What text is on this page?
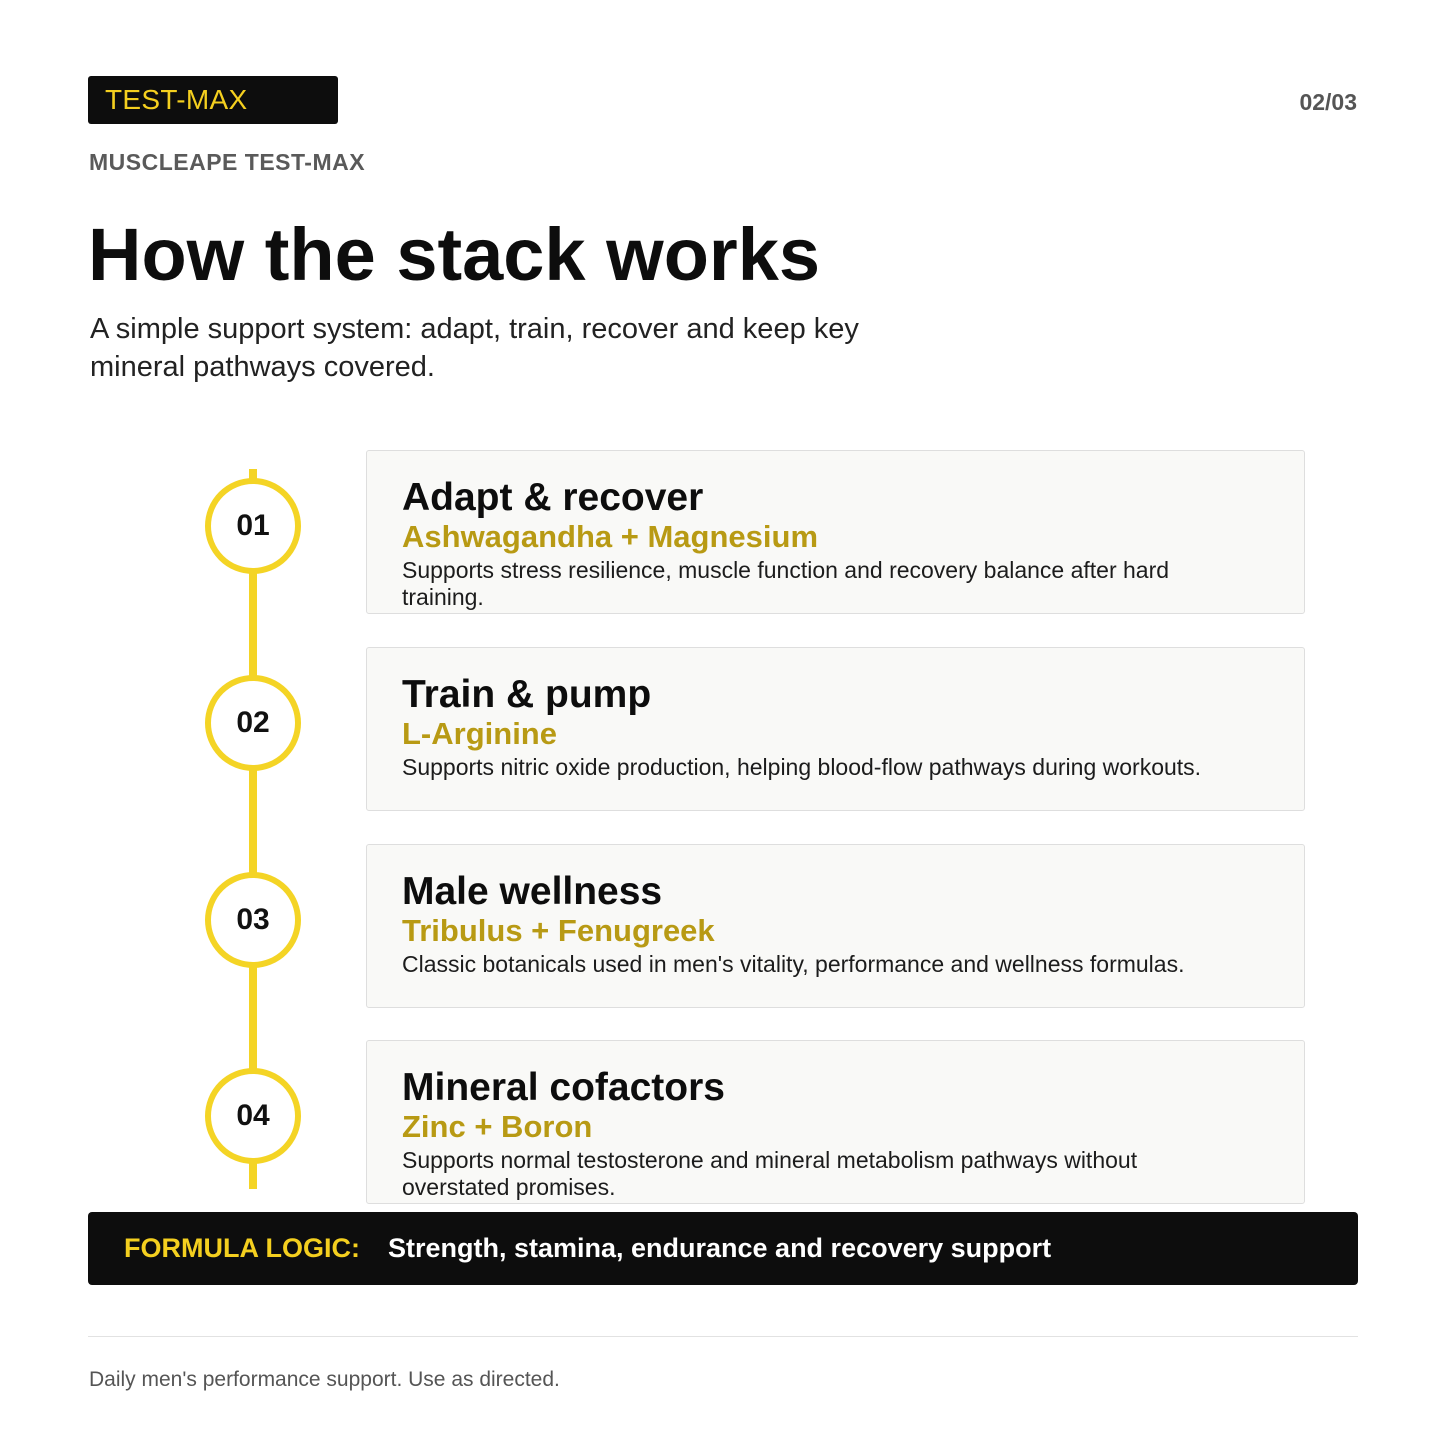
TEST-MAX	02/03
MUSCLEAPE TEST-MAX
How the stack works

A simple support system: adapt, train, recover and keep key mineral pathways covered.

01
Adapt & recover
Ashwagandha + Magnesium

Supports stress resilience, muscle function and recovery balance after hard training.

02
Train & pump
L-Arginine

Supports nitric oxide production, helping blood-flow pathways during workouts.

03
Male wellness
Tribulus + Fenugreek

Classic botanicals used in men's vitality, performance and wellness formulas.

04
Mineral cofactors
Zinc + Boron

Supports normal testosterone and mineral metabolism pathways without overstated promises.

FORMULA LOGIC: Strength, stamina, endurance and recovery support
Daily men's performance support. Use as directed.
